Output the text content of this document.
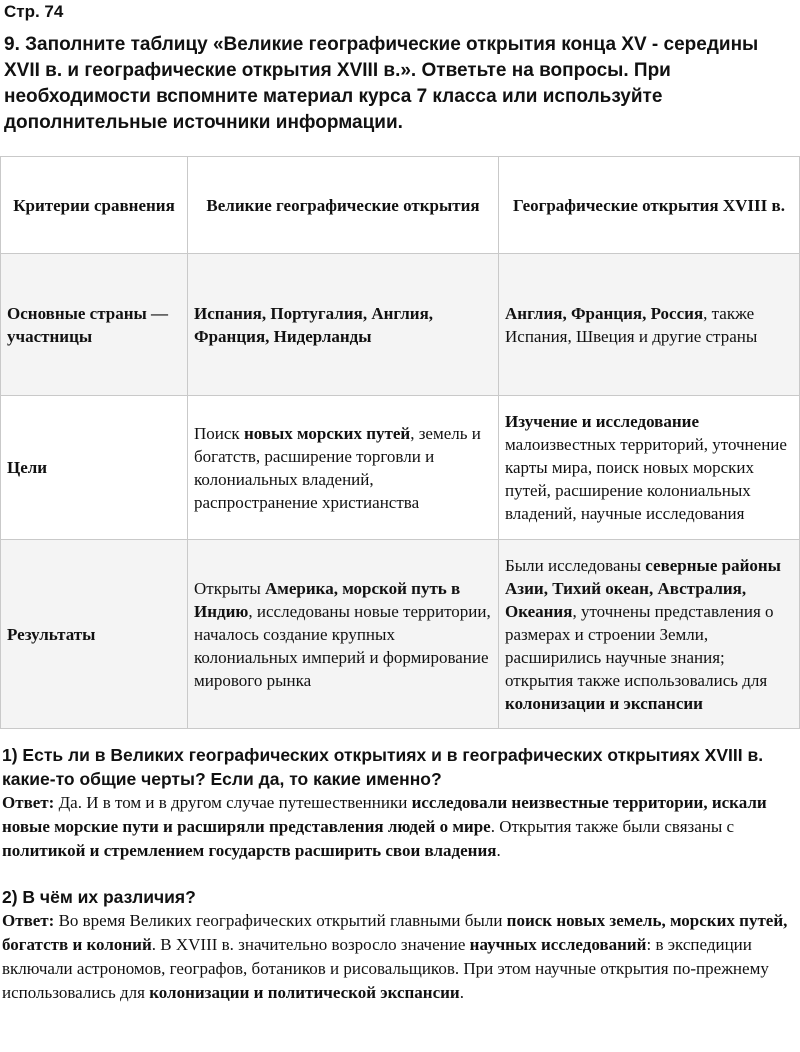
Стр. 74
9. Заполните таблицу «Великие географические открытия конца XV - середины XVII в. и географические открытия XVIII в.». Ответьте на вопросы. При необходимости вспомните материал курса 7 класса или используйте дополнительные источники информации.
Критерии сравнения	Великие географические открытия	Географические открытия XVIII в.
Основные страны — участницы	Испания, Португалия, Англия, Франция, Нидерланды	Англия, Франция, Россия, также Испания, Швеция и другие страны
Цели	Поиск новых морских путей, земель и богатств, расширение торговли и колониальных владений, распространение христианства	Изучение и исследование малоизвестных территорий, уточнение карты мира, поиск новых морских путей, расширение колониальных владений, научные исследования
Результаты	Открыты Америка, морской путь в Индию, исследованы новые территории, началось создание крупных колониальных империй и формирование мирового рынка	Были исследованы северные районы Азии, Тихий океан, Австралия, Океания, уточнены представления о размерах и строении Земли, расширились научные знания; открытия также использовались для колонизации и экспансии

1) Есть ли в Великих географических открытиях и в географических открытиях XVIII в. какие-то общие черты? Если да, то какие именно?

Ответ: Да. И в том и в другом случае путешественники исследовали неизвестные территории, искали новые морские пути и расширяли представления людей о мире. Открытия также были связаны с политикой и стремлением государств расширить свои владения.

2) В чём их различия?

Ответ: Во время Великих географических открытий главными были поиск новых земель, морских путей, богатств и колоний. В XVIII в. значительно возросло значение научных исследований: в экспедиции включали астрономов, географов, ботаников и рисовальщиков. При этом научные открытия по-прежнему использовались для колонизации и политической экспансии.
